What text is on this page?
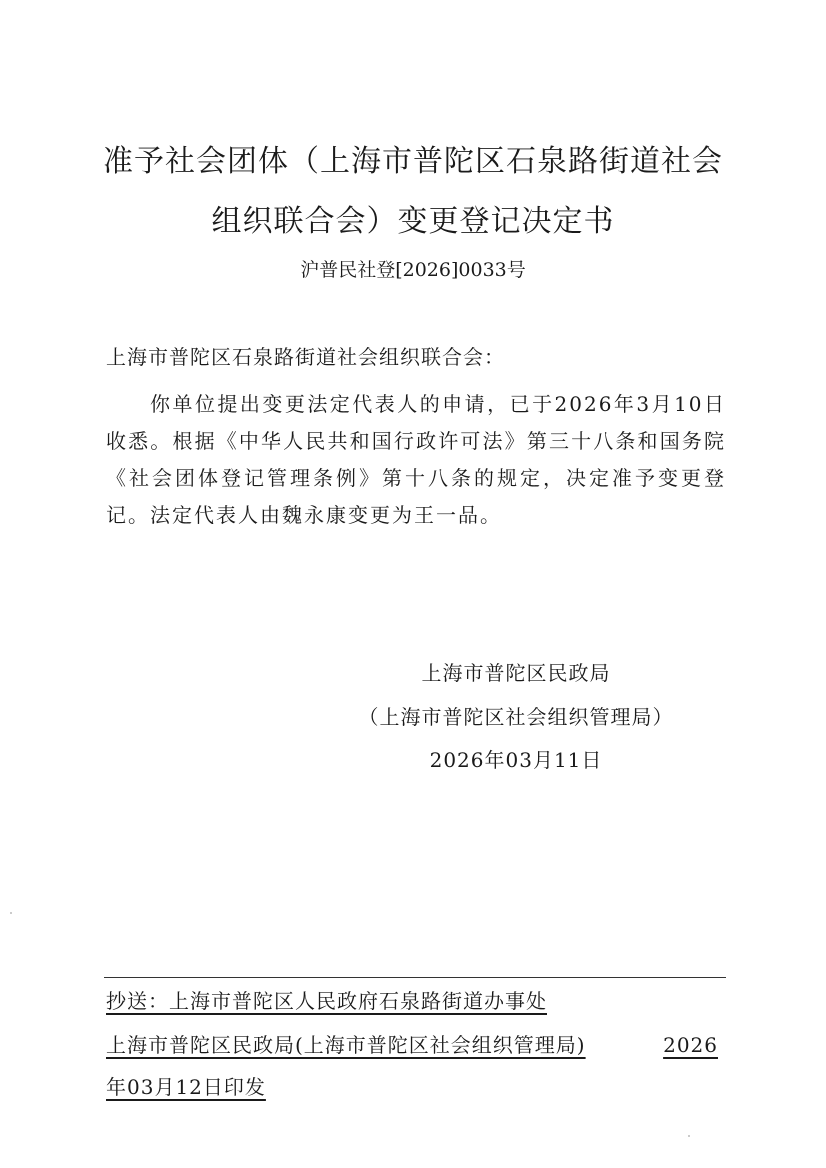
准予社会团体（上海市普陀区石泉路街道社会组织联合会）变更登记决定书
沪普民社登[2026]0033号
上海市普陀区石泉路街道社会组织联合会：

你单位提出变更法定代表人的申请，已于2026年3月10日收悉。根据《中华人民共和国行政许可法》第三十八条和国务院《社会团体登记管理条例》第十八条的规定，决定准予变更登记。法定代表人由魏永康变更为王一品。

上海市普陀区民政局
（上海市普陀区社会组织管理局）
2026年03月11日
抄送：上海市普陀区人民政府石泉路街道办事处
上海市普陀区民政局(上海市普陀区社会组织管理局)	2026
年03月12日印发
